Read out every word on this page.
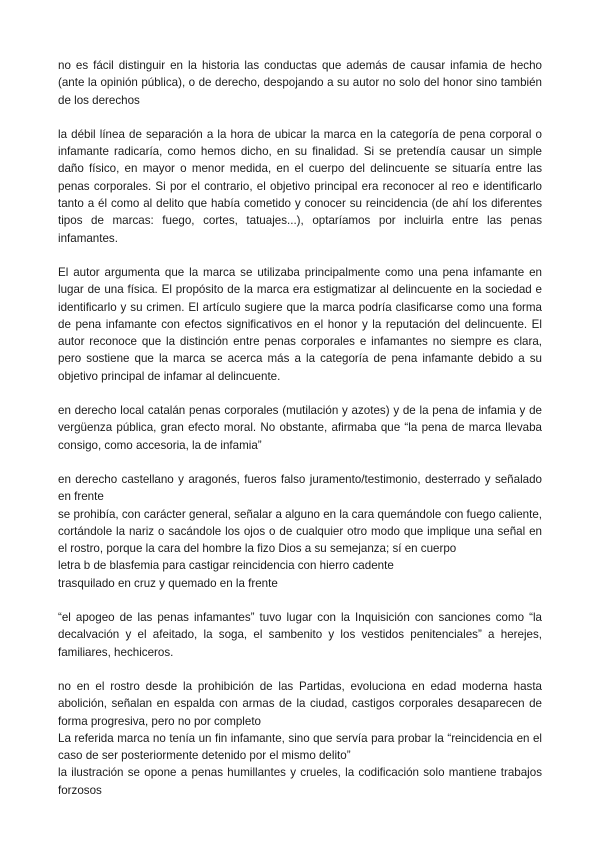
no es fácil distinguir en la historia las conductas que además de causar infamia de hecho (ante la opinión pública), o de derecho, despojando a su autor no solo del honor sino también de los derechos

la débil línea de separación a la hora de ubicar la marca en la categoría de pena corporal o infamante radicaría, como hemos dicho, en su finalidad. Si se pretendía causar un simple daño físico, en mayor o menor medida, en el cuerpo del delincuente se situaría entre las penas corporales. Si por el contrario, el objetivo principal era reconocer al reo e identificarlo tanto a él como al delito que había cometido y conocer su reincidencia (de ahí los diferentes tipos de marcas: fuego, cortes, tatuajes...), optaríamos por incluirla entre las penas infamantes.

El autor argumenta que la marca se utilizaba principalmente como una pena infamante en lugar de una física. El propósito de la marca era estigmatizar al delincuente en la sociedad e identificarlo y su crimen. El artículo sugiere que la marca podría clasificarse como una forma de pena infamante con efectos significativos en el honor y la reputación del delincuente. El autor reconoce que la distinción entre penas corporales e infamantes no siempre es clara, pero sostiene que la marca se acerca más a la categoría de pena infamante debido a su objetivo principal de infamar al delincuente.

en derecho local catalán penas corporales (mutilación y azotes) y de la pena de infamia y de vergüenza pública, gran efecto moral. No obstante, afirmaba que “la pena de marca llevaba consigo, como accesoria, la de infamia”

en derecho castellano y aragonés, fueros falso juramento/testimonio, desterrado y señalado en frente

se prohibía, con carácter general, señalar a alguno en la cara quemándole con fuego caliente, cortándole la nariz o sacándole los ojos o de cualquier otro modo que implique una señal en el rostro, porque la cara del hombre la fizo Dios a su semejanza; sí en cuerpo

letra b de blasfemia para castigar reincidencia con hierro cadente

trasquilado en cruz y quemado en la frente

“el apogeo de las penas infamantes” tuvo lugar con la Inquisición con sanciones como “la decalvación y el afeitado, la soga, el sambenito y los vestidos penitenciales” a herejes, familiares, hechiceros.

no en el rostro desde la prohibición de las Partidas, evoluciona en edad moderna hasta abolición, señalan en espalda con armas de la ciudad, castigos corporales desaparecen de forma progresiva, pero no por completo

La referida marca no tenía un fin infamante, sino que servía para probar la “reincidencia en el caso de ser posteriormente detenido por el mismo delito”

la ilustración se opone a penas humillantes y crueles, la codificación solo mantiene trabajos forzosos
